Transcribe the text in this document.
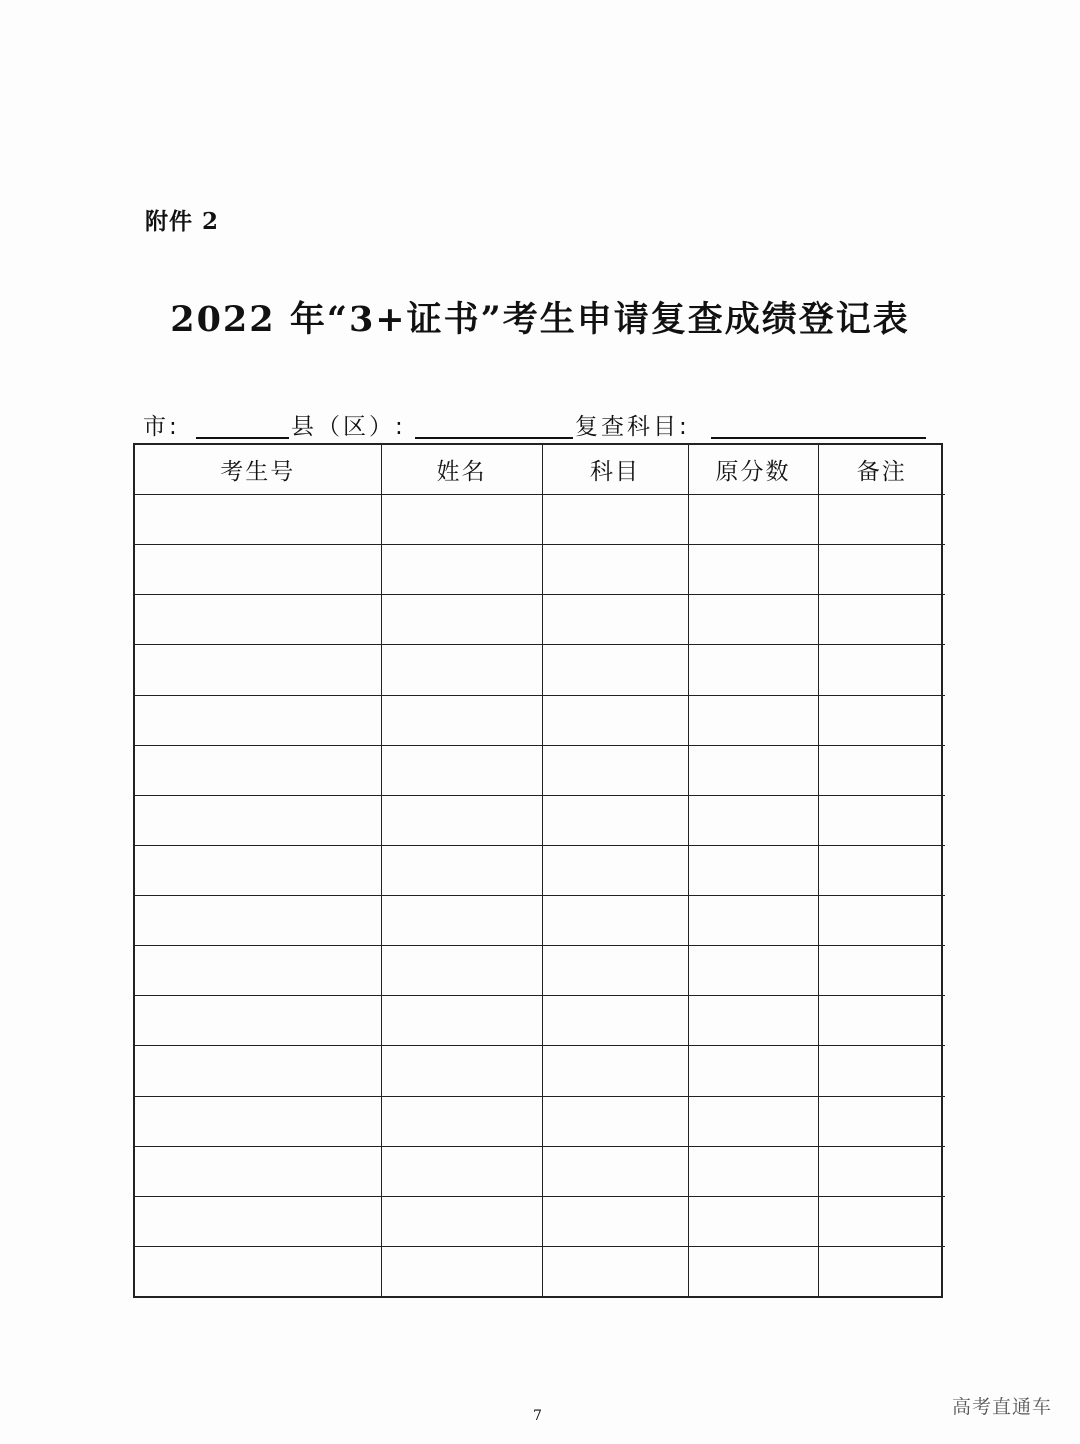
附件 2
2022 年“3+证书”考生申请复查成绩登记表
市:	县（区）:	复查科目:
考生号	姓名	科目	原分数	备注

7	高考直通车
